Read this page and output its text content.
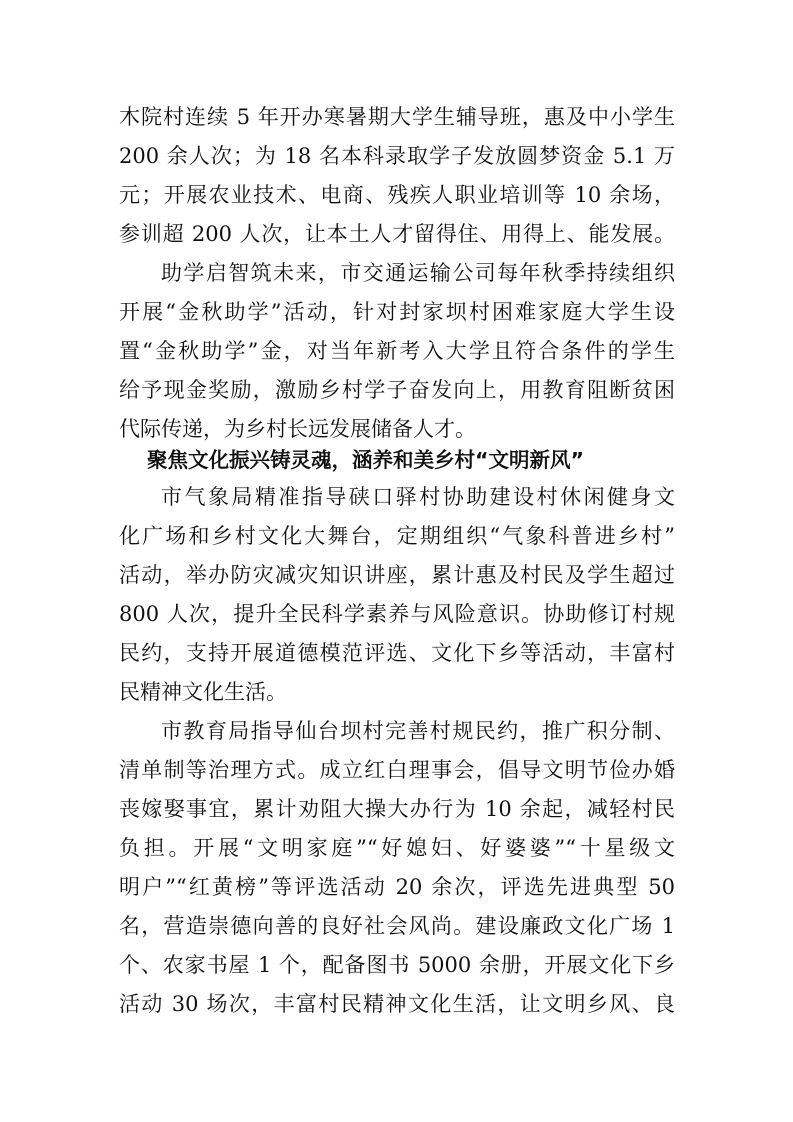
木院村连续 5 年开办寒暑期大学生辅导班，惠及中小学生
200 余人次；为 18 名本科录取学子发放圆梦资金 5.1 万
元；开展农业技术、电商、残疾人职业培训等 10 余场，
参训超 200 人次，让本土人才留得住、用得上、能发展。
助学启智筑未来，市交通运输公司每年秋季持续组织
开展“金秋助学”活动，针对封家坝村困难家庭大学生设
置“金秋助学”金，对当年新考入大学且符合条件的学生
给予现金奖励，激励乡村学子奋发向上，用教育阻断贫困
代际传递，为乡村长远发展储备人才。
聚焦文化振兴铸灵魂，涵养和美乡村“文明新风”
市气象局精准指导硖口驿村协助建设村休闲健身文
化广场和乡村文化大舞台，定期组织“气象科普进乡村”
活动，举办防灾减灾知识讲座，累计惠及村民及学生超过
800 人次，提升全民科学素养与风险意识。协助修订村规
民约，支持开展道德模范评选、文化下乡等活动，丰富村
民精神文化生活。
市教育局指导仙台坝村完善村规民约，推广积分制、
清单制等治理方式。成立红白理事会，倡导文明节俭办婚
丧嫁娶事宜，累计劝阻大操大办行为 10 余起，减轻村民
负担。开展“文明家庭”“好媳妇、好婆婆”“十星级文
明户”“红黄榜”等评选活动 20 余次，评选先进典型 50
名，营造崇德向善的良好社会风尚。建设廉政文化广场 1
个、农家书屋 1 个，配备图书 5000 余册，开展文化下乡
活动 30 场次，丰富村民精神文化生活，让文明乡风、良
